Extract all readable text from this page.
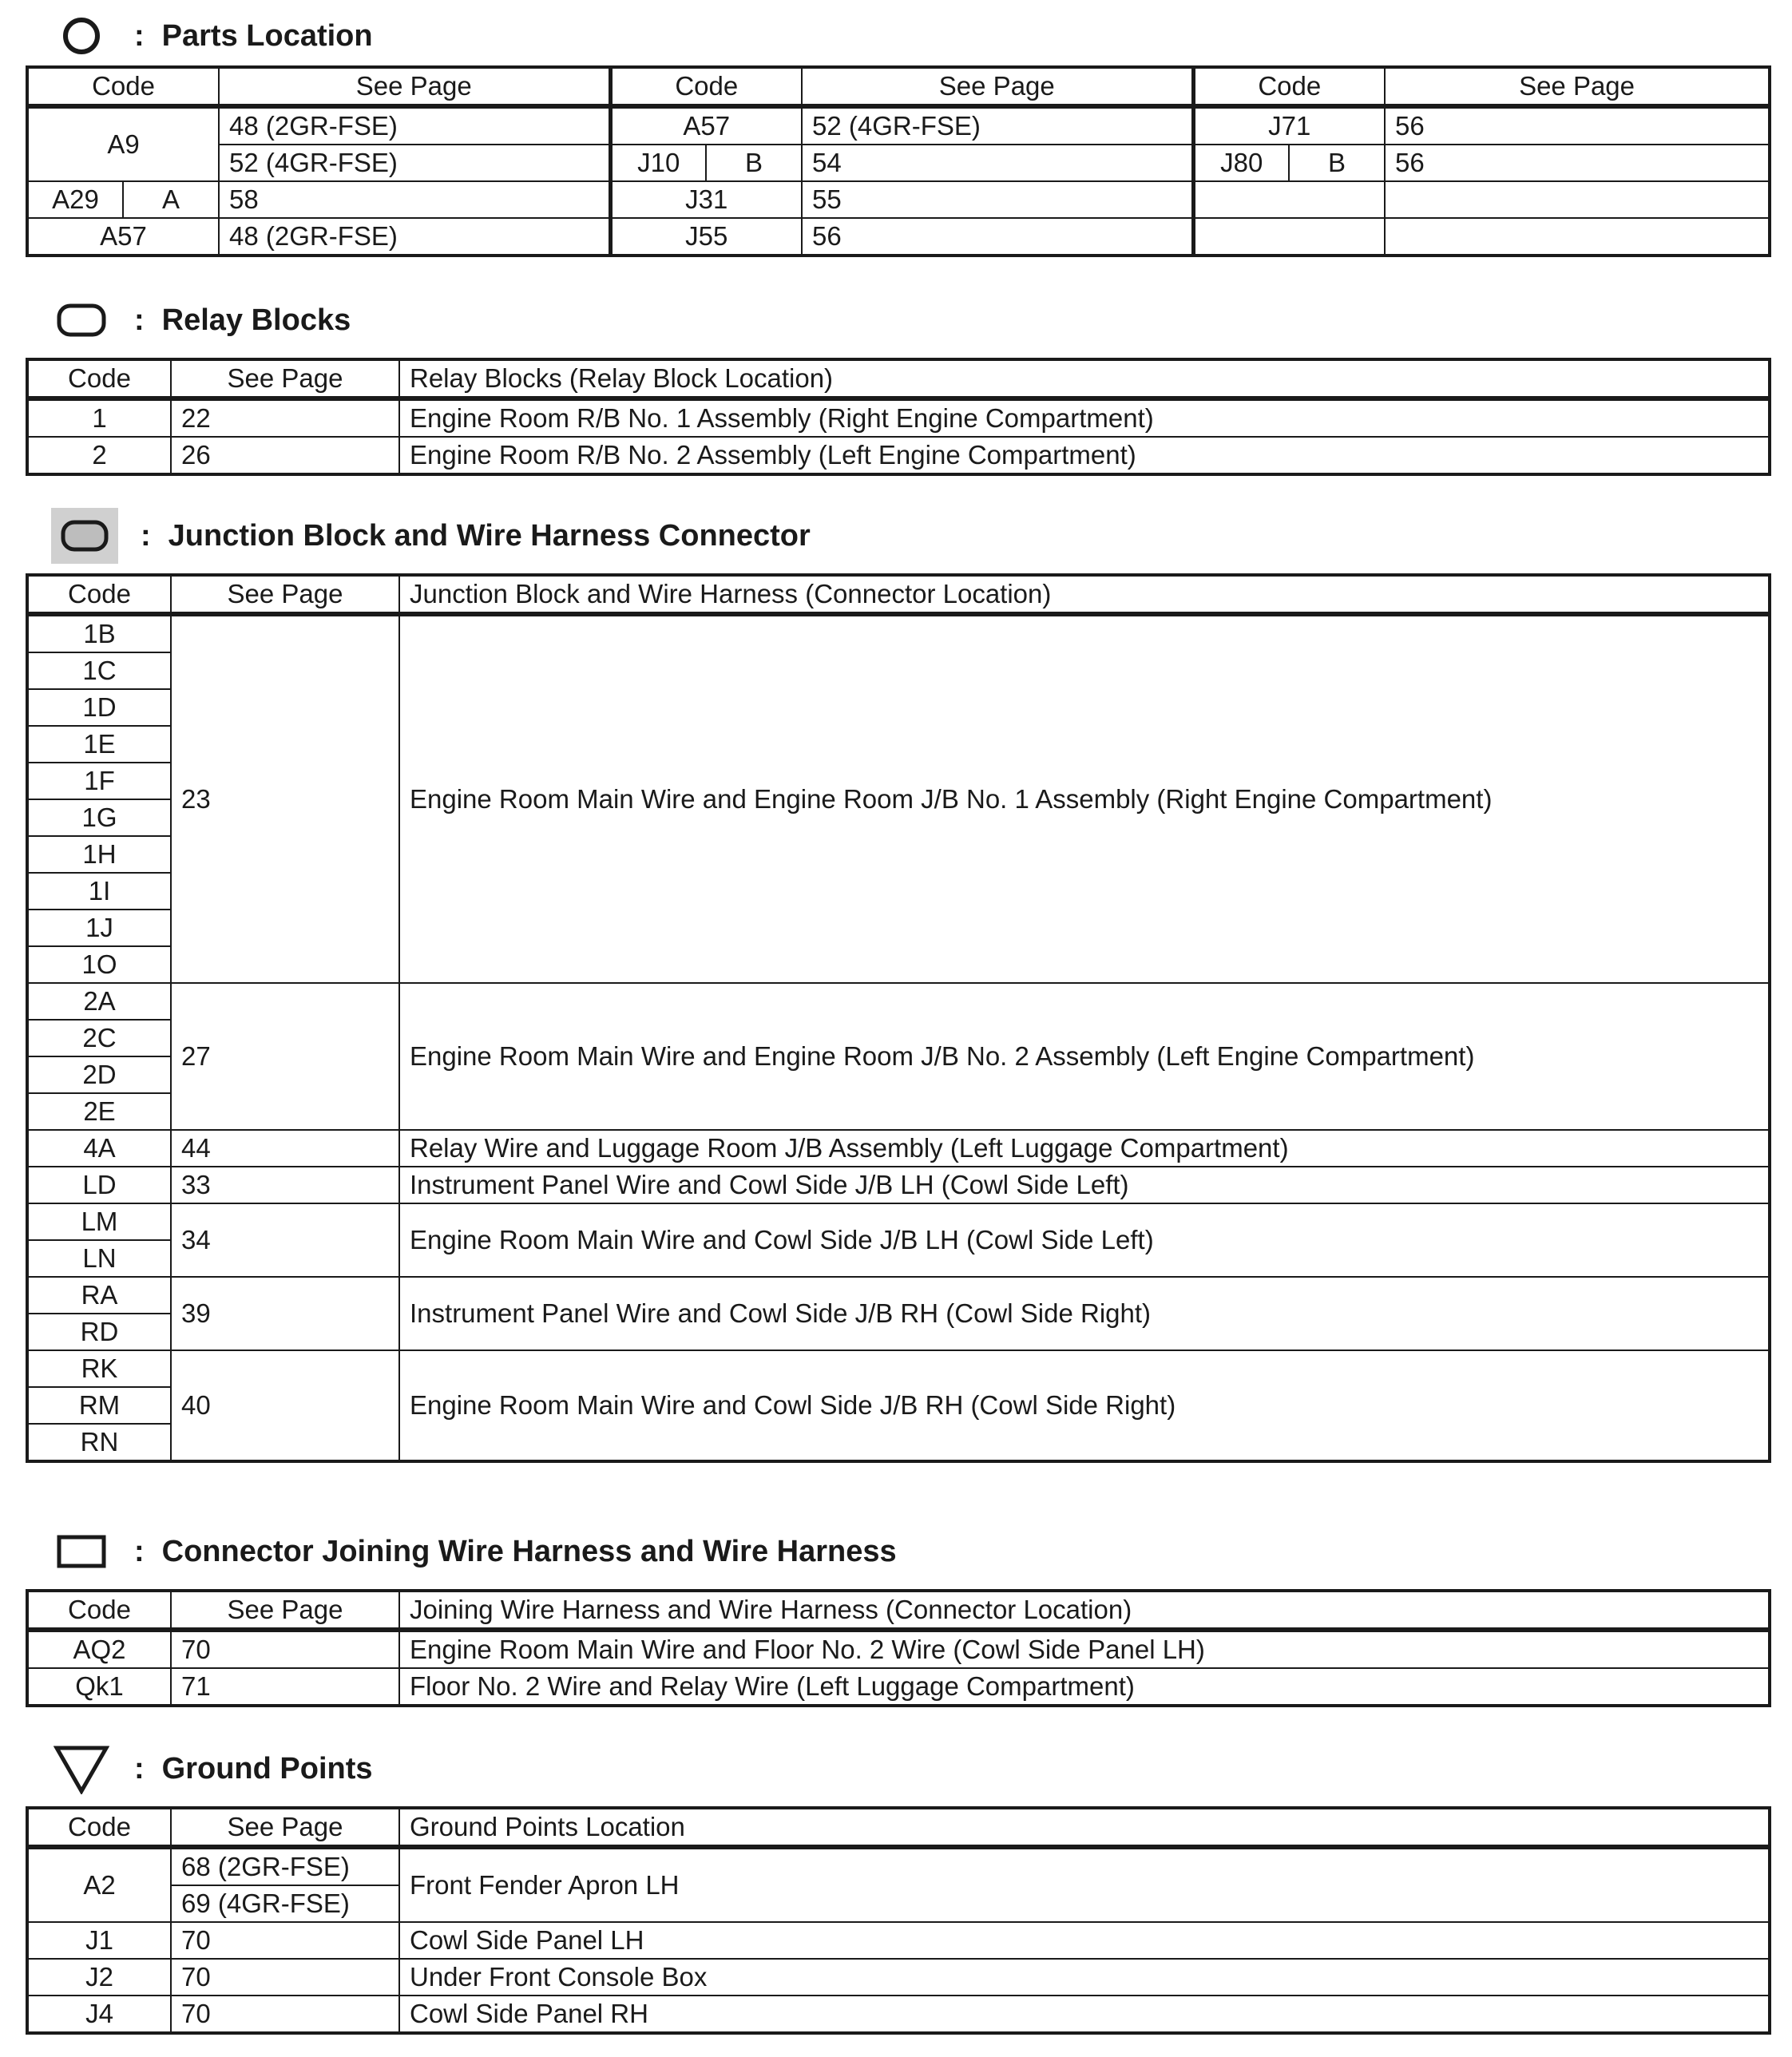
: Parts Location
Code		See Page	Code		See Page	Code		See Page
A9		48 (2GR-FSE)	A57		52 (4GR-FSE)	J71		56
		52 (4GR-FSE)	J10	B	54	J80	B	56
A29	A	58	J31		55			
A57		48 (2GR-FSE)	J55		56			
: Relay Blocks
Code	See Page	Relay Blocks (Relay Block Location)
1	22	Engine Room R/B No. 1 Assembly (Right Engine Compartment)
2	26	Engine Room R/B No. 2 Assembly (Left Engine Compartment)
: Junction Block and Wire Harness Connector
Code	See Page	Junction Block and Wire Harness (Connector Location)
1B	23	Engine Room Main Wire and Engine Room J/B No. 1 Assembly (Right Engine Compartment)
1C		
1D		
1E		
1F		
1G		
1H		
1I		
1J		
1O		
2A	27	Engine Room Main Wire and Engine Room J/B No. 2 Assembly (Left Engine Compartment)
2C		
2D		
2E		
4A	44	Relay Wire and Luggage Room J/B Assembly (Left Luggage Compartment)
LD	33	Instrument Panel Wire and Cowl Side J/B LH (Cowl Side Left)
LM	34	Engine Room Main Wire and Cowl Side J/B LH (Cowl Side Left)
LN		
RA	39	Instrument Panel Wire and Cowl Side J/B RH (Cowl Side Right)
RD		
RK	40	Engine Room Main Wire and Cowl Side J/B RH (Cowl Side Right)
RM		
RN		
: Connector Joining Wire Harness and Wire Harness
Code	See Page	Joining Wire Harness and Wire Harness (Connector Location)
AQ2	70	Engine Room Main Wire and Floor No. 2 Wire (Cowl Side Panel LH)
Qk1	71	Floor No. 2 Wire and Relay Wire (Left Luggage Compartment)
: Ground Points
Code	See Page	Ground Points Location
A2	68 (2GR-FSE)	Front Fender Apron LH
	69 (4GR-FSE)	
J1	70	Cowl Side Panel LH
J2	70	Under Front Console Box
J4	70	Cowl Side Panel RH
